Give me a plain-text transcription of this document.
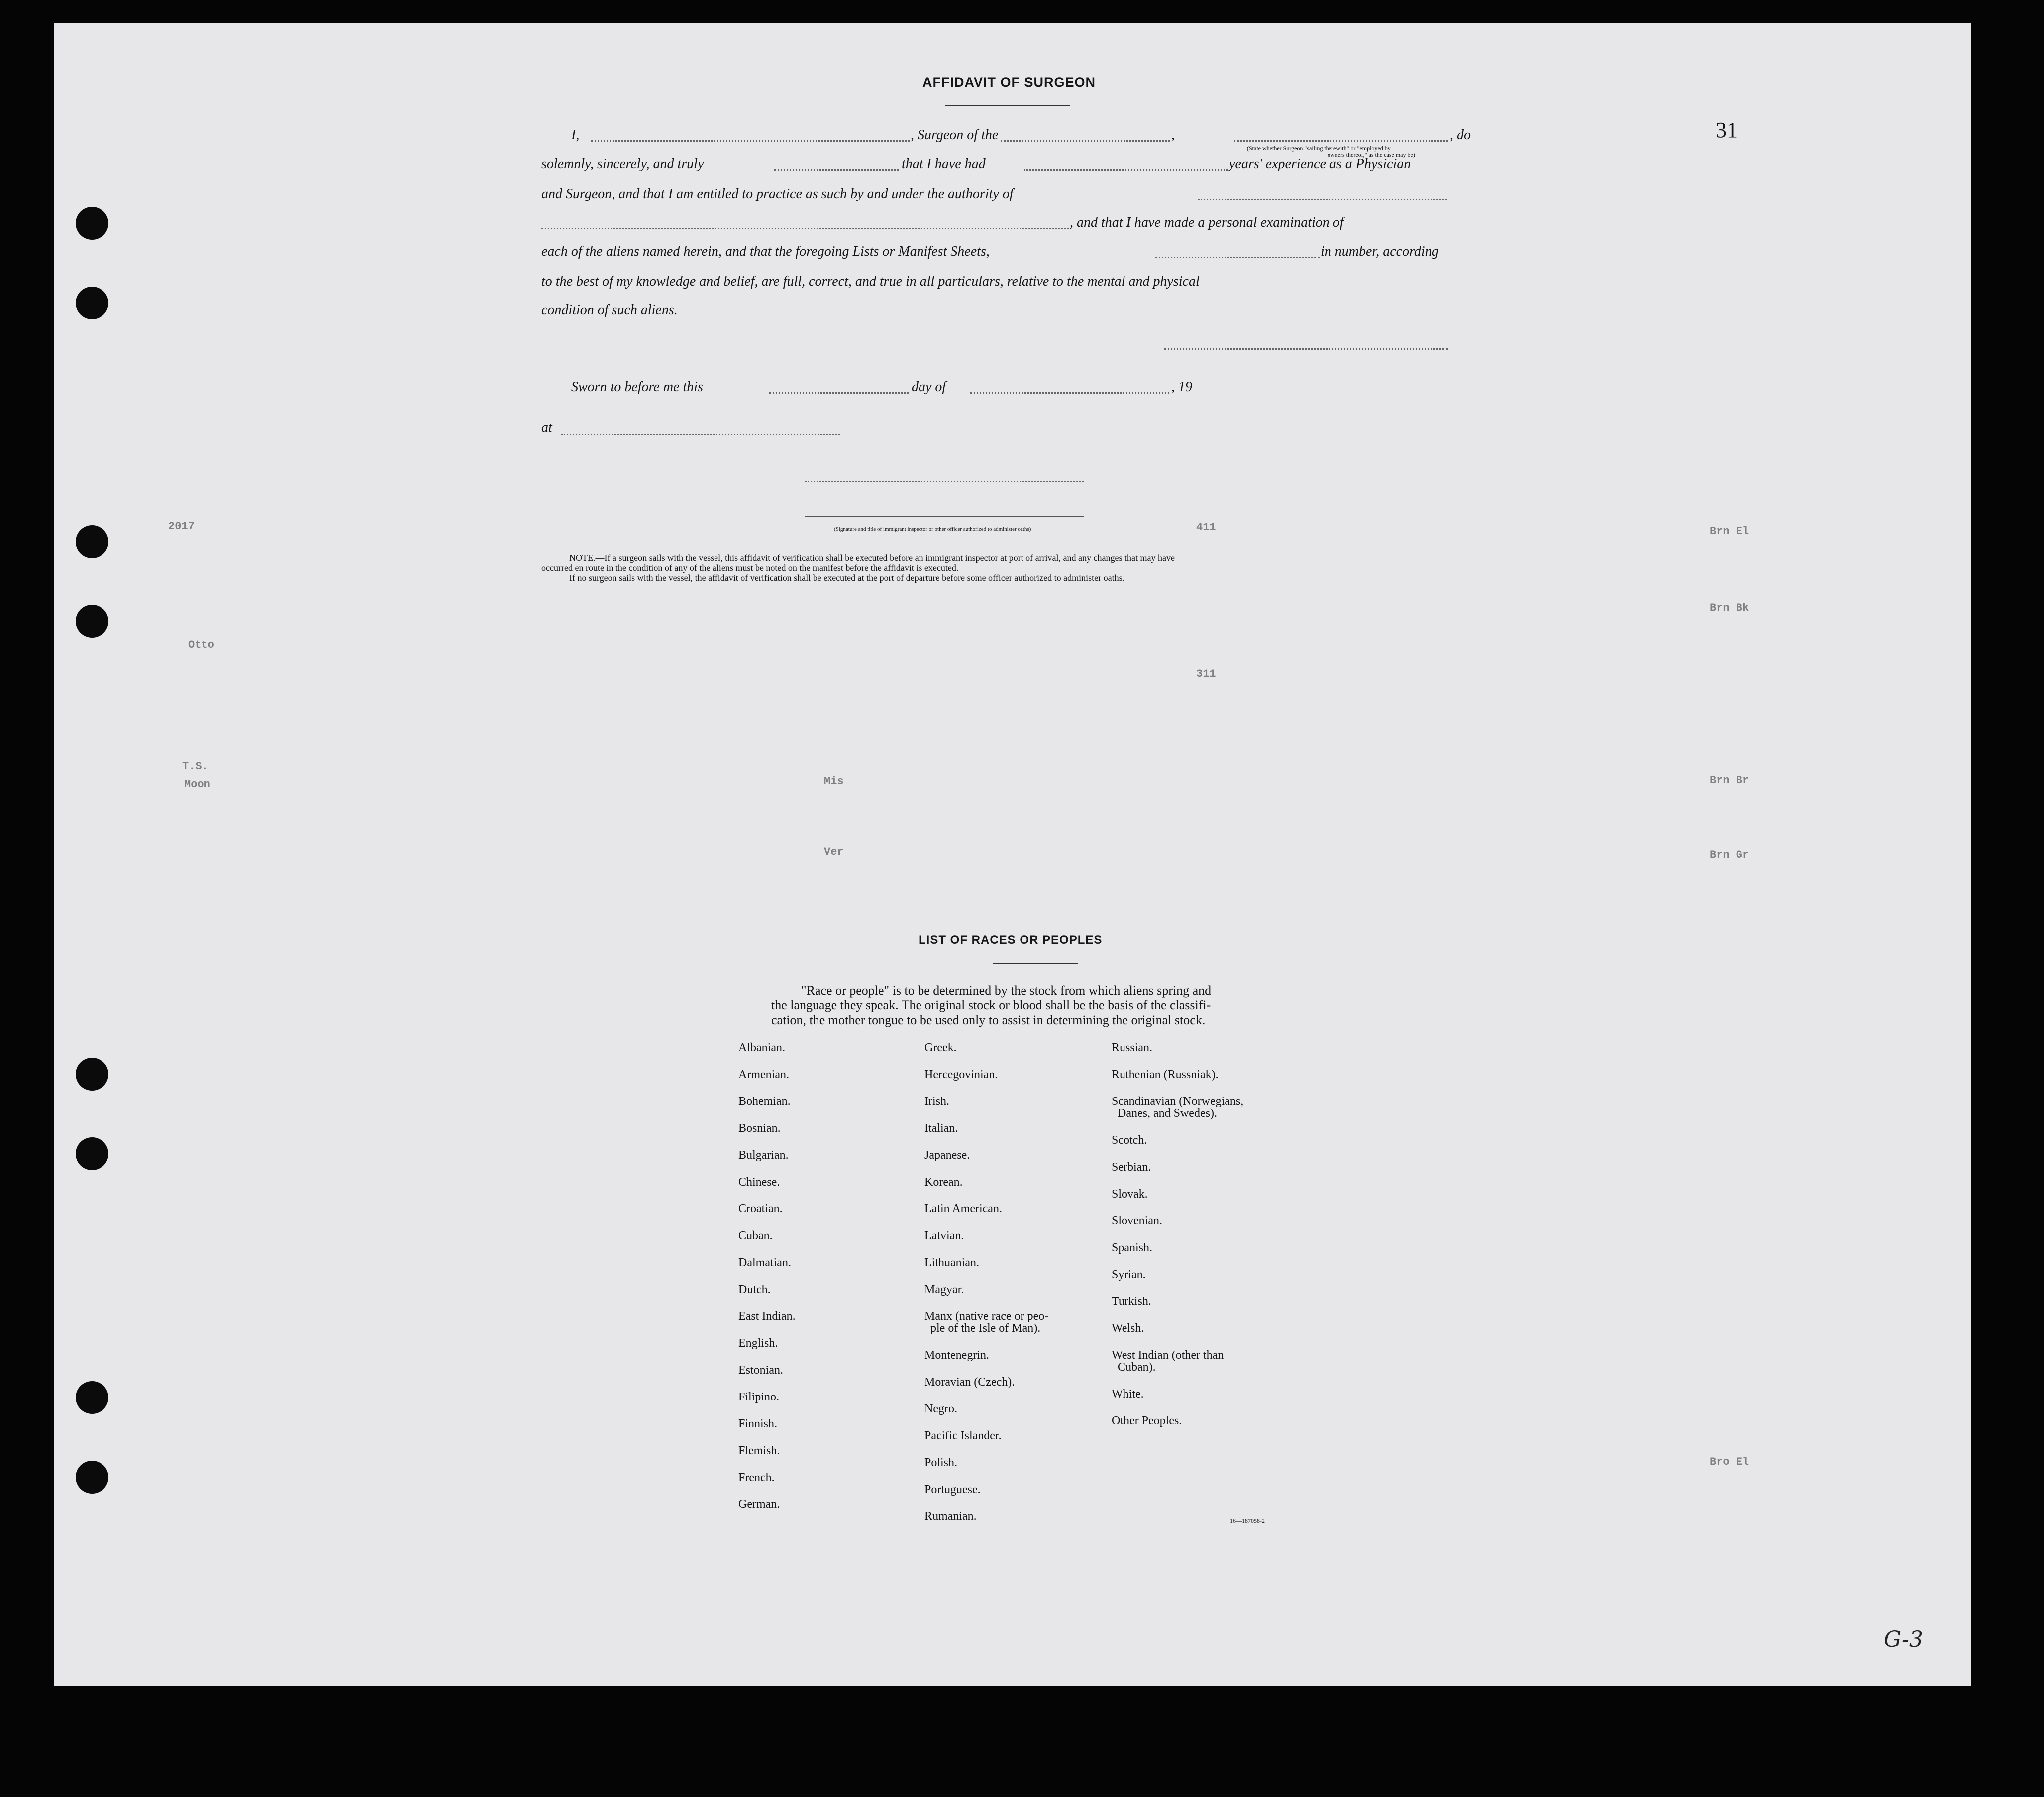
31
AFFIDAVIT OF SURGEON
I,	, Surgeon of the	,	, do
(State whether Surgeon "sailing therewith" or "employed by
owners thereof," as the case may be)
solemnly, sincerely, and truly	that I have had	years' experience as a Physician
and Surgeon, and that I am entitled to practice as such by and under the authority of
, and that I have made a personal examination of
each of the aliens named herein, and that the foregoing Lists or Manifest Sheets,	in number, according
to the best of my knowledge and belief, are full, correct, and true in all particulars, relative to the mental and physical
condition of such aliens.
Sworn to before me this	day of	, 19
at
(Signature and title of immigrant inspector or other officer authorized to administer oaths)
NOTE.—If a surgeon sails with the vessel, this affidavit of verification shall be executed before an immigrant inspector at port of arrival, and any changes that may have
occurred en route in the condition of any of the aliens must be noted on the manifest before the affidavit is executed.
If no surgeon sails with the vessel, the affidavit of verification shall be executed at the port of departure before some officer authorized to administer oaths.
LIST OF RACES OR PEOPLES
"Race or people" is to be determined by the stock from which aliens spring and
the language they speak. The original stock or blood shall be the basis of the classifi-
cation, the mother tongue to be used only to assist in determining the original stock.
Albanian.
Armenian.
Bohemian.
Bosnian.
Bulgarian.
Chinese.
Croatian.
Cuban.
Dalmatian.
Dutch.
East Indian.
English.
Estonian.
Filipino.
Finnish.
Flemish.
French.
German.
Greek.
Hercegovinian.
Irish.
Italian.
Japanese.
Korean.
Latin American.
Latvian.
Lithuanian.
Magyar.
Manx (native race or peo-
ple of the Isle of Man).
Montenegrin.
Moravian (Czech).
Negro.
Pacific Islander.
Polish.
Portuguese.
Rumanian.
Russian.
Ruthenian (Russniak).
Scandinavian (Norwegians,
Danes, and Swedes).
Scotch.
Serbian.
Slovak.
Slovenian.
Spanish.
Syrian.
Turkish.
Welsh.
West Indian (other than
Cuban).
White.
Other Peoples.
16—187058-2
G-3
2017
Otto
T.S.
Moon
Brn El
Brn Bk
Brn Br
Brn Gr
Bro El
411
311
Mis
Ver
